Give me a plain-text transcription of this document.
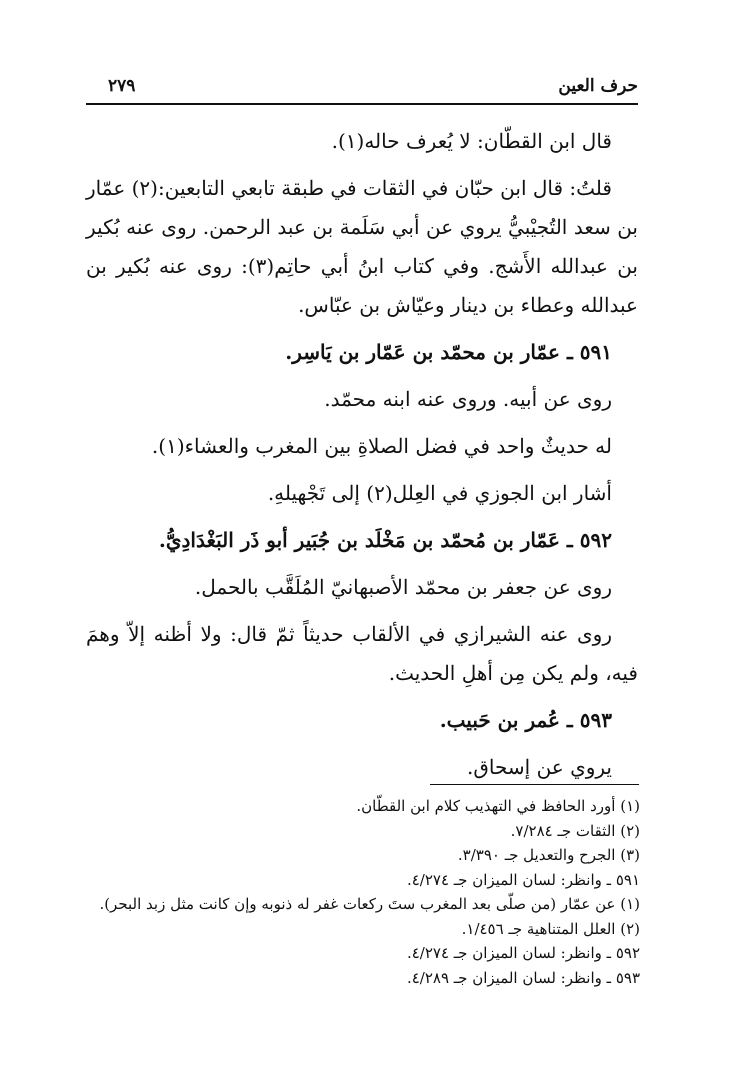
حرف العين
٢٧٩

قال ابن القطّان: لا يُعرف حاله(١).

قلتُ: قال ابن حبّان في الثقات في طبقة تابعي التابعين:(٢) عمّار بن سعد التُجيْبيُّ يروي عن أبي سَلَمة بن عبد الرحمن. روى عنه بُكير بن عبدالله الأَشج. وفي كتاب ابنُ أبي حاتِم(٣): روى عنه بُكير بن عبدالله وعطاء بن دينار وعيّاش بن عبّاس.

٥٩١ ـ عمّار بن محمّد بن عَمّار بن يَاسِر.

روى عن أبيه. وروى عنه ابنه محمّد.

له حديثٌ واحد في فضل الصلاةِ بين المغرب والعشاء(١).

أشار ابن الجوزي في العِلل(٢) إلى تَجْهيلهِ.

٥٩٢ ـ عَمّار بن مُحمّد بن مَخْلَد بن جُبَير أبو ذَر البَغْدَادِيُّ.

روى عن جعفر بن محمّد الأصبهانيّ المُلَقَّب بالحمل.

روى عنه الشيرازي في الألقاب حديثاً ثمّ قال: ولا أظنه إلاّ وهمَ فيه، ولم يكن مِن أهلِ الحديث.

٥٩٣ ـ عُمر بن حَبيب.

يروي عن إسحاق.

(١) أورد الحافظ في التهذيب كلام ابن القطّان.
(٢) الثقات جـ ٧/٢٨٤.
(٣) الجرح والتعديل جـ ٣/٣٩٠.
٥٩١ ـ وانظر: لسان الميزان جـ ٤/٢٧٤.
(١) عن عمّار (من صلّى بعد المغرب ستَ ركعات غفر له ذنوبه وإن كانت مثل زبد البحر).
(٢) العلل المتناهية جـ ١/٤٥٦.
٥٩٢ ـ وانظر: لسان الميزان جـ ٤/٢٧٤.
٥٩٣ ـ وانظر: لسان الميزان جـ ٤/٢٨٩.
